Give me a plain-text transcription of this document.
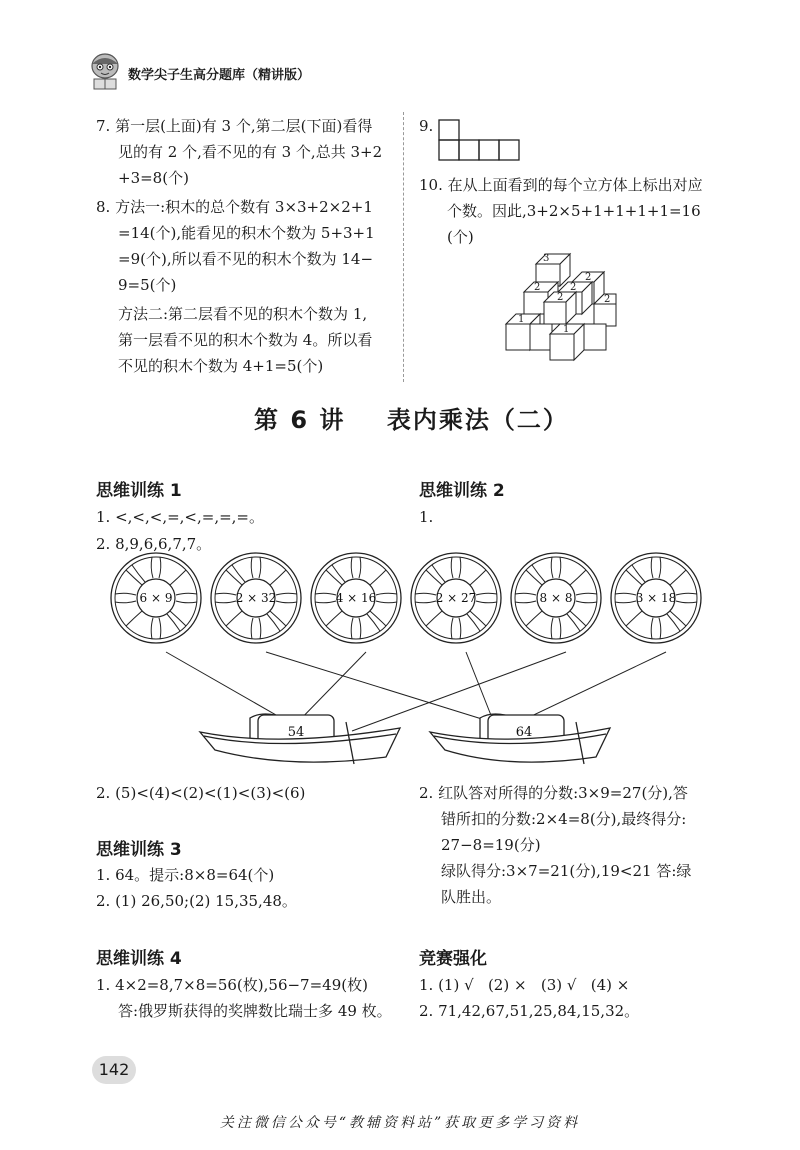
数学尖子生高分题库（精讲版）
7. 第一层(上面)有 3 个,第二层(下面)看得
见的有 2 个,看不见的有 3 个,总共 3+2
+3=8(个)
8. 方法一:积木的总个数有 3×3+2×2+1
=14(个),能看见的积木个数为 5+3+1
=9(个),所以看不见的积木个数为 14−
9=5(个)
方法二:第二层看不见的积木个数为 1,
第一层看不见的积木个数为 4。所以看
不见的积木个数为 4+1=5(个)
9.
10. 在从上面看到的每个立方体上标出对应
个数。因此,3+2×5+1+1+1+1=16
(个)
3
2
2
2
2	2
1
1
第 6 讲    表内乘法（二）
思维训练 1
1. <,<,<,=,<,=,=,=。
2. 8,9,6,6,7,7。
思维训练 2
1.
6 × 9	2 × 32	4 × 16	2 × 27	8 × 8	3 × 18
54	64
2. (5)<(4)<(2)<(1)<(3)<(6)	2. 红队答对所得的分数:3×9=27(分),答
错所扣的分数:2×4=8(分),最终得分:
27−8=19(分)
绿队得分:3×7=21(分),19<21 答:绿
队胜出。
思维训练 3
1. 64。提示:8×8=64(个)
2. (1) 26,50;(2) 15,35,48。
思维训练 4
1. 4×2=8,7×8=56(枚),56−7=49(枚)
答:俄罗斯获得的奖牌数比瑞士多 49 枚。
竞赛强化
1. (1) √   (2) ×   (3) √   (4) ×
2. 71,42,67,51,25,84,15,32。
142
关注微信公众号“教辅资料站”获取更多学习资料
